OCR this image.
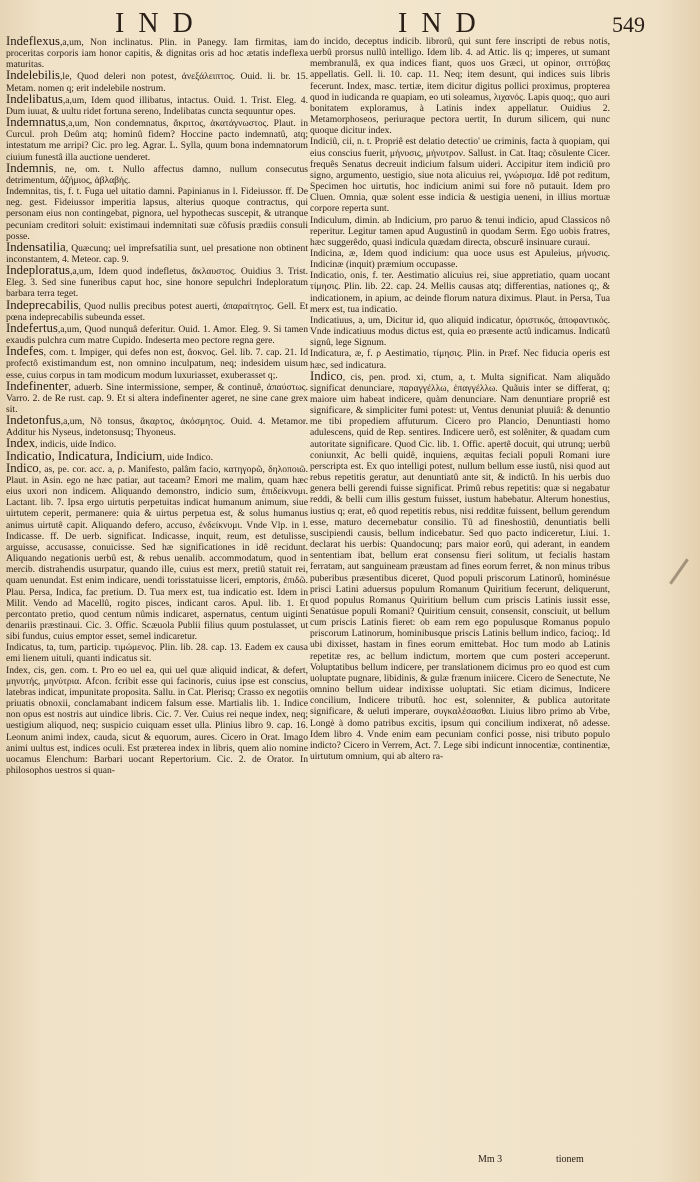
IND	IND	549

Indeflexus,a,um, Non inclinatus. Plin. in Panegy. Iam firmitas, iam proceritas corporis iam honor capitis, & dignitas oris ad hoc ætatis indeflexa maturitas.

Indelebilis,le, Quod deleri non potest, ἀνεξάλειπτος. Ouid. li. br. 15. Metam. nomen q; erit indelebile nostrum.

Indelibatus,a,um, Idem quod illibatus, intactus. Ouid. 1. Trist. Eleg. 4. Dum iuuat, & uultu ridet fortuna sereno, Indelibatas cuncta sequuntur opes.

Indemnatus,a,um, Non condemnatus, ἄκριτος, ἀκατάγνωστος. Plaut. in Curcul. proh Deûm atq; hominû fidem? Hoccine pacto indemnatû, atq; intestatum me arripi? Cic. pro leg. Agrar. L. Sylla, quum bona indemnatorum ciuium funestâ illa auctione uenderet.

Indemnis, ne, om. t. Nullo affectus damno, nullum consecutus detrimentum, ἀζήμιος, ἀβλαβής.

Indemnitas, tis, f. t. Fuga uel uitatio damni. Papinianus in l. Fideiussor. ff. De neg. gest. Fideiussor imperitia lapsus, alterius quoque contractus, qui personam eius non contingebat, pignora, uel hypothecas suscepit, & utranque pecuniam creditori soluit: existimaui indemnitati suæ cõfusis prædiis consuli posse.

Indensatilia, Quæcunq; uel imprefsatilia sunt, uel presatione non obtinent inconstantem, 4. Meteor. cap. 9.

Indeploratus,a,um, Idem quod indefletus, ἄκλαυστος. Ouidius 3. Trist. Eleg. 3. Sed sine funeribus caput hoc, sine honore sepulchri Indeploratum barbara terra teget.

Indeprecabilis, Quod nullis precibus potest auerti, ἀπαραίτητος. Gell. Et pœna indeprecabilis subeunda esset.

Indefertus,a,um, Quod nunquâ deferitur. Ouid. 1. Amor. Eleg. 9. Si tamen exaudis pulchra cum matre Cupido. Indeserta meo pectore regna gere.

Indefes, com. t. Impiger, qui defes non est, ἄοκνος. Gel. lib. 7. cap. 21. Id profectô existimandum est, non omnino inculpatum, neq; indesidem uisum esse, cuius corpus in tam modicum modum luxuriasset, exuberasset q;.

Indefinenter, aduerb. Sine intermissione, semper, & continuê, ἀπαύστως. Varro. 2. de Re rust. cap. 9. Et si altera indefinenter ageret, ne sine cane grex sit.

Indetonfus,a,um, Nõ tonsus, ἄκαρτος, ἀκόσμητος. Ouid. 4. Metamor. Additur his Nyseus, indetonsusq; Thyoneus.

Index, indicis, uide Indico.

Indicatio, Indicatura, Indicium, uide Indico.

Indico, as, pe. cor. acc. a, ρ. Manifesto, palâm facio, κατηγορῶ, δηλοποιῶ. Plaut. in Asin. ego ne hæc patiar, aut taceam? Emori me malim, quam hæc eius uxori non indicem. Aliquando demonstro, indicio sum, ἐπιδείκνυμι. Lactant. lib. 7. Ipsa ergo uirtutis perpetuitas indicat humanum animum, siue uirtutem ceperit, permanere: quia & uirtus perpetua est, & solus humanus animus uirtutê capit. Aliquando defero, accuso, ἐνδείκνυμι. Vnde Vlp. in l. Indicasse. ff. De uerb. significat. Indicasse, inquit, reum, est detulisse, arguisse, accusasse, conuicisse. Sed hæ significationes in idê recidunt. Aliquando negationis uerbû est, & rebus uenalib. accommodatum, quod in mercib. distrahendis usurpatur, quando ille, cuius est merx, pretiû statuit rei, quam uenundat. Est enim indicare, uendi torisstatuisse liceri, emptoris, ἐπιδῶ. Plau. Persa, Indica, fac pretium. D. Tua merx est, tua indicatio est. Idem in Milit. Vendo ad Macellû, rogito pisces, indicant caros. Apul. lib. 1. Et percontato pretio, quod centum nûmis indicaret, aspernatus, centum uiginti denariis præstinaui. Cic. 3. Offic. Scæuola Publii filius quum postulasset, ut sibi fundus, cuius emptor esset, semel indicaretur.

Indicatus, ta, tum, particip. τιμώμενος. Plin. lib. 28. cap. 13. Eadem ex causa emi lienem uituli, quanti indicatus sit.

Index, cis, gen. com. t. Pro eo uel ea, qui uel quæ aliquid indicat, & defert, μηνυτής, μηνύτρια. Afcon. fcribit esse qui facinoris, cuius ipse est conscius, latebras indicat, impunitate proposita. Sallu. in Cat. Plerisq; Crasso ex negotiis priuatis obnoxii, conclamabant indicem falsum esse. Martialis lib. 1. Indice non opus est nostris aut uindice libris. Cic. 7. Ver. Cuius rei neque index, neq; uestigium aliquod, neq; suspicio cuiquam esset ulla. Plinius libro 9. cap. 16. Leonum animi index, cauda, sicut & equorum, aures. Cicero in Orat. Imago animi uultus est, indices oculi. Est præterea index in libris, quem alio nomine uocamus Elenchum: Barbari uocant Repertorium. Cic. 2. de Orator. In philosophos uestros si quan-

do incido, deceptus indicib. librorû, qui sunt fere inscripti de rebus notis, uerbû prorsus nullû intelligo. Idem lib. 4. ad Attic. lis q; imperes, ut sumant membranulâ, ex qua indices fiant, quos uos Græci, ut opinor, σιττύβας appellatis. Gell. li. 10. cap. 11. Neq; item desunt, qui indices suis libris fecerunt. Index, masc. tertiæ, item dicitur digitus pollici proximus, propterea quod in iudicanda re quapiam, eo uti soleamus, λιχανός. Lapis quoq;, quo auri bonitatem exploramus, à Latinis index appellatur. Ouidius 2. Metamorphoseos, periuraque pectora uertit, In durum silicem, qui nunc quoque dicitur index.

Indiciû, cii, n. t. Propriê est delatio detectio' ue criminis, facta à quopiam, qui eius conscius fuerit, μήνυσις, μήνυτρον. Sallust. in Cat. Itaq; cõsulente Cicer. frequês Senatus decreuit indicium falsum uideri. Accipitur item indiciû pro signo, argumento, uestigio, siue nota alicuius rei, γνώρισμα. Idê pot reditum, Specimen hoc uirtutis, hoc indicium animi sui fore nõ putauit. Idem pro Cluen. Omnia, quæ solent esse indicia & uestigia ueneni, in illius mortuæ corpore reperta sunt.

Indiculum, dimin. ab Indicium, pro paruo & tenui indicio, apud Classicos nô reperitur. Legitur tamen apud Augustinû in quodam Serm. Ego uobis fratres, hæc suggerêdo, quasi indicula quædam directa, obscurê insinuare curaui.

Indicina, æ, Idem quod indicium: qua uoce usus est Apuleius, μήνυσις. Indicinæ (inquit) præmium occupasse.

Indicatio, onis, f. ter. Aestimatio alicuius rei, siue appretiatio, quam uocant τίμησις. Plin. lib. 22. cap. 24. Mellis causas atq; differentias, nationes q;, & indicationem, in apium, ac deinde florum natura diximus. Plaut. in Persa, Tua merx est, tua indicatio.

Indicatiuus, a, um, Dicitur id, quo aliquid indicatur, ὁριστικός, ἀποφαντικός. Vnde indicatiuus modus dictus est, quia eo præsente actû indicamus. Indicatû signû, lege Signum.

Indicatura, æ, f. ρ Aestimatio, τίμησις. Plin. in Præf. Nec fiducia operis est hæc, sed indicatura.

Indico, cis, pen. prod. xi, ctum, a, t. Multa significat. Nam aliquãdo significat denunciare, παραγγέλλω, ἐπαγγέλλω. Quãuis inter se differat, q; maiore uim habeat indicere, quàm denunciare. Nam denuntiare propriê est significare, & simpliciter fumi potest: ut, Ventus denuniat pluuiâ: & denuntio me tibi propediem affuturum. Cicero pro Plancio, Denuntiasti homo adulescens, quid de Rep. sentires. Indicere uerô, est solêniter, & quadam cum autoritate significare. Quod Cic. lib. 1. Offic. apertê docuit, qui utrunq; uerbû coniunxit, Ac belli quidê, inquiens, æquitas feciali populi Romani iure perscripta est. Ex quo intelligi potest, nullum bellum esse iustû, nisi quod aut rebus repetitis geratur, aut denuntiatû ante sit, & indictû. In his uerbis duo genera belli gerendi fuisse significat. Primû rebus repetitis: quæ si negabatur reddi, & belli cum illis gestum fuisset, iustum habebatur. Alterum honestius, iustius q; erat, eô quod repetitis rebus, nisi redditæ fuissent, bellum gerendum esse, maturo decernebatur consilio. Tû ad fineshostiû, denuntiatis belli suscipiendi causis, bellum indicebatur. Sed quo pacto indiceretur, Liui. 1. declarat his uerbis: Quandocunq; pars maior eorû, qui aderant, in eandem sententiam ibat, bellum erat consensu fieri solitum, ut fecialis hastam ferratam, aut sanguineam præustam ad fines eorum ferret, & non minus tribus puberibus præsentibus diceret, Quod populi priscorum Latinorû, hominésue prisci Latini aduersus populum Romanum Quiritium fecerunt, deliquerunt, quod populus Romanus Quiritium bellum cum priscis Latinis iussit esse, Senatúsue populi Romani? Quiritium censuit, consensit, consciuit, ut bellum cum priscis Latinis fieret: ob eam rem ego populusque Romanus populo priscorum Latinorum, hominibusque priscis Latinis bellum indico, facioq;. Id ubi dixisset, hastam in fines eorum emittebat. Hoc tum modo ab Latinis repetitæ res, ac bellum indictum, mortem que cum posteri acceperunt. Voluptatibus bellum indicere, per translationem dicimus pro eo quod est cum uoluptate pugnare, libidinis, & gulæ frænum iniicere. Cicero de Senectute, Ne omnino bellum uidear indixisse uoluptati. Sic etiam dicimus, Indicere concilium, Indicere tributû. hoc est, solenniter, & publica autoritate significare, & uelutì imperare, συγκαλέσασθαι. Liuius libro primo ab Vrbe, Longè à domo patribus excitis, ipsum qui concilium indixerat, nô adesse. Idem libro 4. Vnde enim eam pecuniam confici posse, nisi tributo populo indicto? Cicero in Verrem, Act. 7. Lege sibi indicunt innocentiæ, continentiæ, uirtutum omnium, qui ab altero ra-

Mm 3	tionem
